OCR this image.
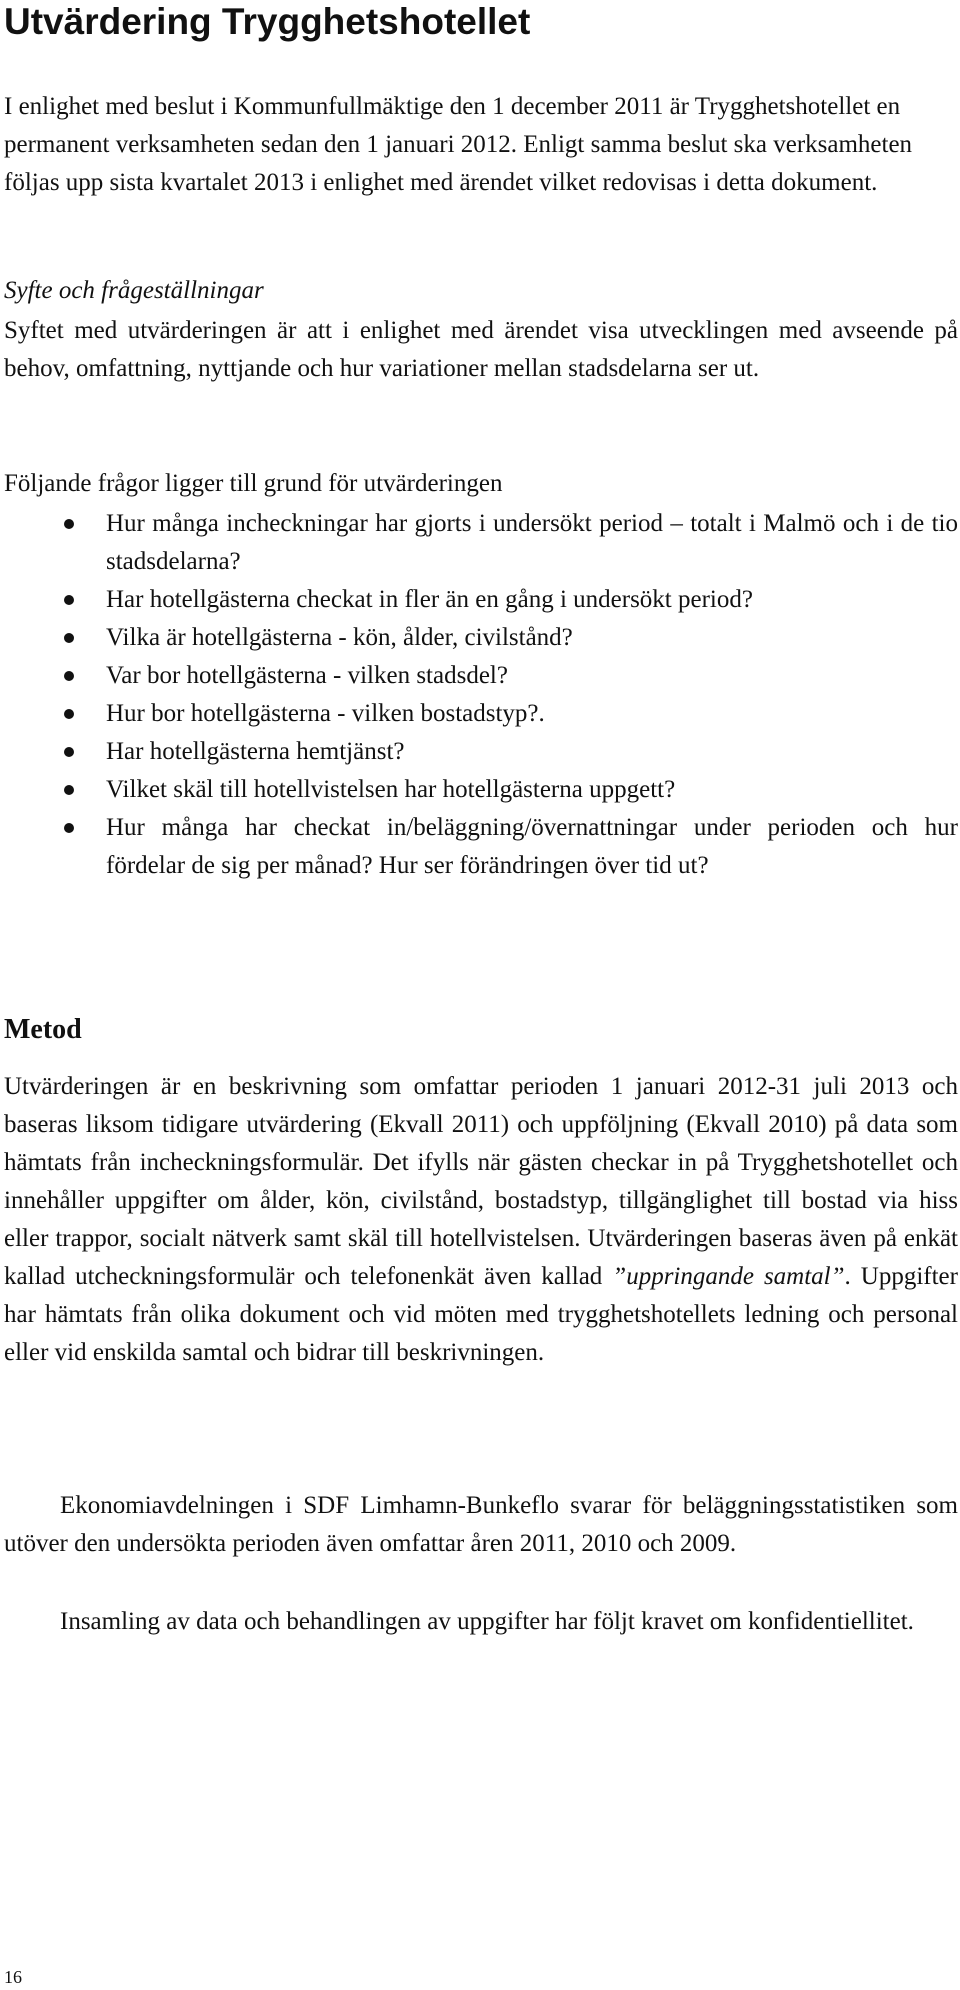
Utvärdering Trygghetshotellet
I enlighet med beslut i Kommunfullmäktige den 1 december 2011 är Trygghetshotellet en permanent verksamheten sedan den 1 januari 2012. Enligt samma beslut ska verksamheten följas upp sista kvartalet 2013 i enlighet med ärendet vilket redovisas i detta dokument.
Syfte och frågeställningar
Syftet med utvärderingen är att i enlighet med ärendet visa utvecklingen med avseende på behov, omfattning, nyttjande och hur variationer mellan stadsdelarna ser ut.
Följande frågor ligger till grund för utvärderingen
Hur många incheckningar har gjorts i undersökt period – totalt i Malmö och i de tio stadsdelarna?
Har hotellgästerna checkat in fler än en gång i undersökt period?
Vilka är hotellgästerna - kön, ålder, civilstånd?
Var bor hotellgästerna - vilken stadsdel?
Hur bor hotellgästerna - vilken bostadstyp?.
Har hotellgästerna hemtjänst?
Vilket skäl till hotellvistelsen har hotellgästerna uppgett?
Hur många har checkat in/beläggning/övernattningar under perioden och hur fördelar de sig per månad? Hur ser förändringen över tid ut?
Metod
Utvärderingen är en beskrivning som omfattar perioden 1 januari 2012-31 juli 2013 och baseras liksom tidigare utvärdering (Ekvall 2011) och uppföljning (Ekvall 2010) på data som hämtats från incheckningsformulär. Det ifylls när gästen checkar in på Trygghetshotellet och innehåller uppgifter om ålder, kön, civilstånd, bostadstyp, tillgänglighet till bostad via hiss eller trappor, socialt nätverk samt skäl till hotellvistelsen. Utvärderingen baseras även på enkät kallad utcheckningsformulär och telefonenkät även kallad ”uppringande samtal”. Uppgifter har hämtats från olika dokument och vid möten med trygghetshotellets ledning och personal eller vid enskilda samtal och bidrar till beskrivningen.
Ekonomiavdelningen i SDF Limhamn-Bunkeflo svarar för beläggningsstatistiken som utöver den undersökta perioden även omfattar åren 2011, 2010 och 2009.
Insamling av data och behandlingen av uppgifter har följt kravet om konfidentiellitet.
16
